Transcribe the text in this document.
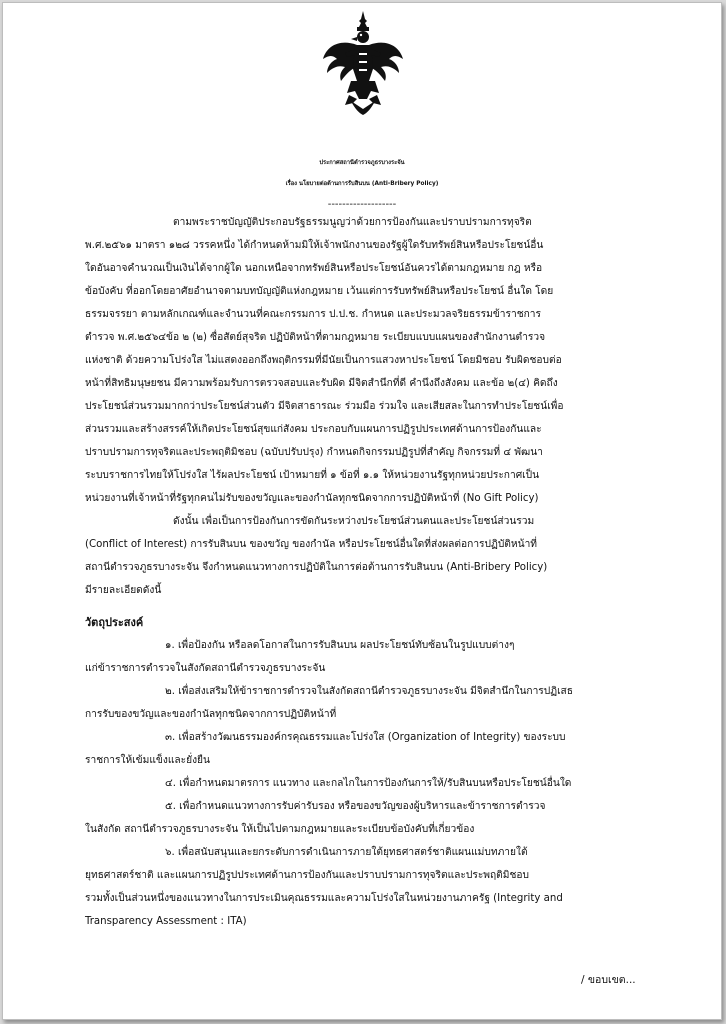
ประกาศสถานีตำรวจภูธรบางระจัน
เรื่อง นโยบายต่อต้านการรับสินบน (Anti-Bribery Policy)
-------------------
ตามพระราชบัญญัติประกอบรัฐธรรมนูญว่าด้วยการป้องกันและปราบปรามการทุจริต
พ.ศ.๒๕๖๑ มาตรา ๑๒๘ วรรคหนึ่ง ได้กำหนดห้ามมิให้เจ้าพนักงานของรัฐผู้ใดรับทรัพย์สินหรือประโยชน์อื่น
ใดอันอาจคำนวณเป็นเงินได้จากผู้ใด นอกเหนือจากทรัพย์สินหรือประโยชน์อันควรได้ตามกฎหมาย กฎ หรือ
ข้อบังคับ ที่ออกโดยอาศัยอำนาจตามบทบัญญัติแห่งกฎหมาย เว้นแต่การรับทรัพย์สินหรือประโยชน์ อื่นใด โดย
ธรรมจรรยา ตามหลักเกณฑ์และจำนวนที่คณะกรรมการ ป.ป.ช. กำหนด และประมวลจริยธรรมข้าราชการ
ตำรวจ พ.ศ.๒๕๖๔ข้อ ๒ (๒) ซื่อสัตย์สุจริต ปฏิบัติหน้าที่ตามกฎหมาย ระเบียบแบบแผนของสำนักงานตำรวจ
แห่งชาติ ด้วยความโปร่งใส ไม่แสดงออกถึงพฤติกรรมที่มีนัยเป็นการแสวงหาประโยชน์ โดยมิชอบ รับผิดชอบต่อ
หน้าที่สิทธิมนุษยชน มีความพร้อมรับการตรวจสอบและรับผิด มีจิตสำนึกที่ดี คำนึงถึงสังคม และข้อ ๒(๔) คิดถึง
ประโยชน์ส่วนรวมมากกว่าประโยชน์ส่วนตัว มีจิตสาธารณะ ร่วมมือ ร่วมใจ และเสียสละในการทำประโยชน์เพื่อ
ส่วนรวมและสร้างสรรค์ให้เกิดประโยชน์สุขแก่สังคม ประกอบกับแผนการปฏิรูปประเทศด้านการป้องกันและ
ปราบปรามการทุจริตและประพฤติมิชอบ (ฉบับปรับปรุง) กำหนดกิจกรรมปฏิรูปที่สำคัญ กิจกรรมที่ ๔ พัฒนา
ระบบราชการไทยให้โปร่งใส ไร้ผลประโยชน์ เป้าหมายที่ ๑ ข้อที่ ๑.๑ ให้หน่วยงานรัฐทุกหน่วยประกาศเป็น
หน่วยงานที่เจ้าหน้าที่รัฐทุกคนไม่รับของขวัญและของกำนัลทุกชนิดจากการปฏิบัติหน้าที่ (No Gift Policy)
ดังนั้น เพื่อเป็นการป้องกันการขัดกันระหว่างประโยชน์ส่วนตนและประโยชน์ส่วนรวม
(Conflict of Interest) การรับสินบน ของขวัญ ของกำนัล หรือประโยชน์อื่นใดที่ส่งผลต่อการปฏิบัติหน้าที่
สถานีตำรวจภูธรบางระจัน จึงกำหนดแนวทางการปฏิบัติในการต่อต้านการรับสินบน (Anti-Bribery Policy)
มีรายละเอียดดังนี้
วัตถุประสงค์
๑. เพื่อป้องกัน หรือลดโอกาสในการรับสินบน ผลประโยชน์ทับซ้อนในรูปแบบต่างๆ
แก่ข้าราชการตำรวจในสังกัดสถานีตำรวจภูธรบางระจัน
๒. เพื่อส่งเสริมให้ข้าราชการตำรวจในสังกัดสถานีตำรวจภูธรบางระจัน มีจิตสำนึกในการปฏิเสธ
การรับของขวัญและของกำนัลทุกชนิดจากการปฏิบัติหน้าที่
๓. เพื่อสร้างวัฒนธรรมองค์กรคุณธรรมและโปร่งใส (Organization of Integrity) ของระบบ
ราชการให้เข้มแข็งและยั่งยืน
๔. เพื่อกำหนดมาตรการ แนวทาง และกลไกในการป้องกันการให้/รับสินบนหรือประโยชน์อื่นใด
๕. เพื่อกำหนดแนวทางการรับค่ารับรอง หรือของขวัญของผู้บริหารและข้าราชการตำรวจ
ในสังกัด สถานีตำรวจภูธรบางระจัน ให้เป็นไปตามกฎหมายและระเบียบข้อบังคับที่เกี่ยวข้อง
๖. เพื่อสนับสนุนและยกระดับการดำเนินการภายใต้ยุทธศาสตร์ชาติแผนแม่บทภายใต้
ยุทธศาสตร์ชาติ และแผนการปฏิรูปประเทศด้านการป้องกันและปราบปรามการทุจริตและประพฤติมิชอบ
รวมทั้งเป็นส่วนหนึ่งของแนวทางในการประเมินคุณธรรมและความโปร่งใสในหน่วยงานภาครัฐ (Integrity and
Transparency Assessment : ITA)
/ ขอบเขต...
